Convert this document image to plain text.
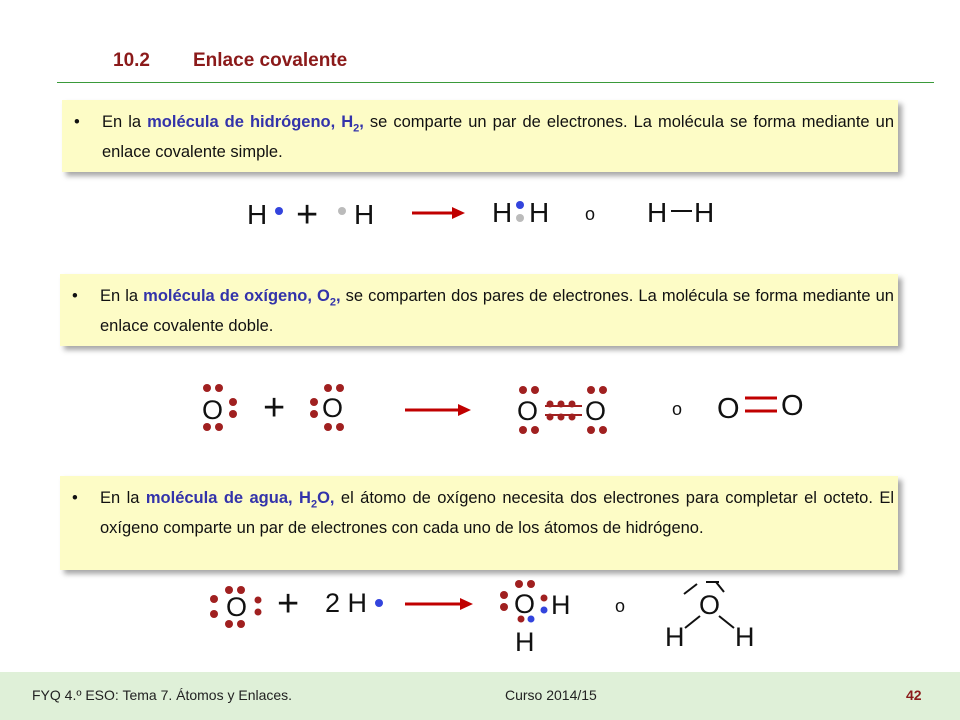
10.2 Enlace covalente

• En la molécula de hidrógeno, $H_2$, se comparte un par de electrones. La molécula se forma mediante un enlace covalente simple.

H + H	H H o H H

• En la molécula de oxígeno, $O_2$, se comparten dos pares de electrones. La molécula se forma mediante un enlace covalente doble.

O + O	O O	o O O

• En la molécula de agua, $H_2O$, el átomo de oxígeno necesita dos electrones para completar el octeto. El oxígeno comparte un par de electrones con cada uno de los átomos de hidrógeno.

O + 2 H	O H
H
o	O
H H
FYQ 4.º ESO: Tema 7. Átomos y Enlaces.	Curso 2014/15	42
